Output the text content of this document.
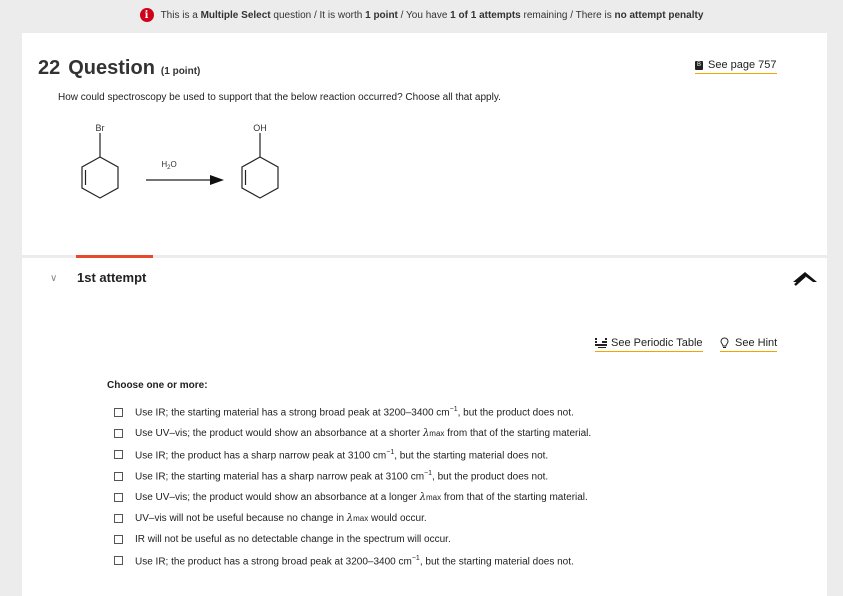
i	This is a Multiple Select question / It is worth 1 point / You have 1 of 1 attempts remaining / There is no attempt penalty
22 Question (1 point)
B See page 757
How could spectroscopy be used to support that the below reaction occurred? Choose all that apply.
Br
$H_2O$
OH
∨ 1st attempt
See Periodic Table	See Hint
Choose one or more:
Use IR; the starting material has a strong broad peak at 3200–3400 $cm^{-1}$, but the product does not.
Use UV–vis; the product would show an absorbance at a shorter λmax from that of the starting material.
Use IR; the product has a sharp narrow peak at 3100 $cm^{-1}$, but the starting material does not.
Use IR; the starting material has a sharp narrow peak at 3100 $cm^{-1}$, but the product does not.
Use UV–vis; the product would show an absorbance at a longer λmax from that of the starting material.
UV–vis will not be useful because no change in λmax would occur.
IR will not be useful as no detectable change in the spectrum will occur.
Use IR; the product has a strong broad peak at 3200–3400 $cm^{-1}$, but the starting material does not.
